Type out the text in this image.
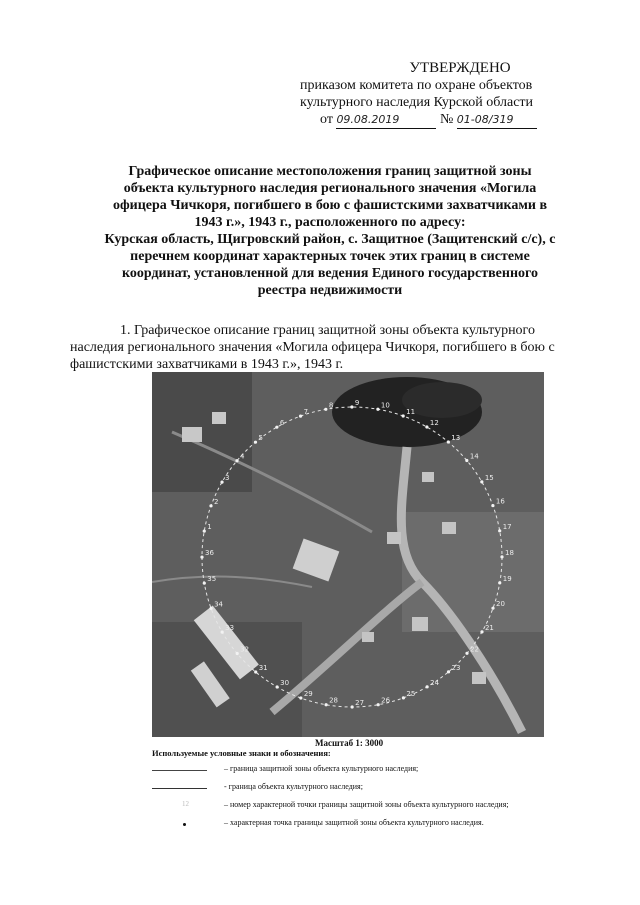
УТВЕРЖДЕНО
приказом комитета по охране объектов
культурного наследия Курской области
от 09.08.2019	№ 01-08/319
Графическое описание местоположения границ защитной зоны
объекта культурного наследия регионального значения «Могила
офицера Чичкоря, погибшего в бою с фашистскими захватчиками в
1943 г.», 1943 г., расположенного по адресу:
Курская область, Щигровский район, с. Защитное (Защитенский с/с), с
перечнем координат характерных точек этих границ в системе
координат, установленной для ведения Единого государственного
реестра недвижимости
1. Графическое описание границ защитной зоны объекта культурного наследия регионального значения «Могила офицера Чичкоря, погибшего в бою с фашистскими захватчиками в 1943 г.», 1943 г.
7
8	9	10
11
12
13
14
15
16
17
18
19
20
21
22
23
24
25
26
27
28
29
30
31
32
33
34
35
36
1
2
3
4
5
6
Масштаб 1: 3000
Используемые условные знаки и обозначения:
– граница защитной зоны объекта культурного наследия;
- граница объекта культурного наследия;
12	– номер характерной точки границы защитной зоны объекта культурного наследия;
– характерная точка границы защитной зоны объекта культурного наследия.
